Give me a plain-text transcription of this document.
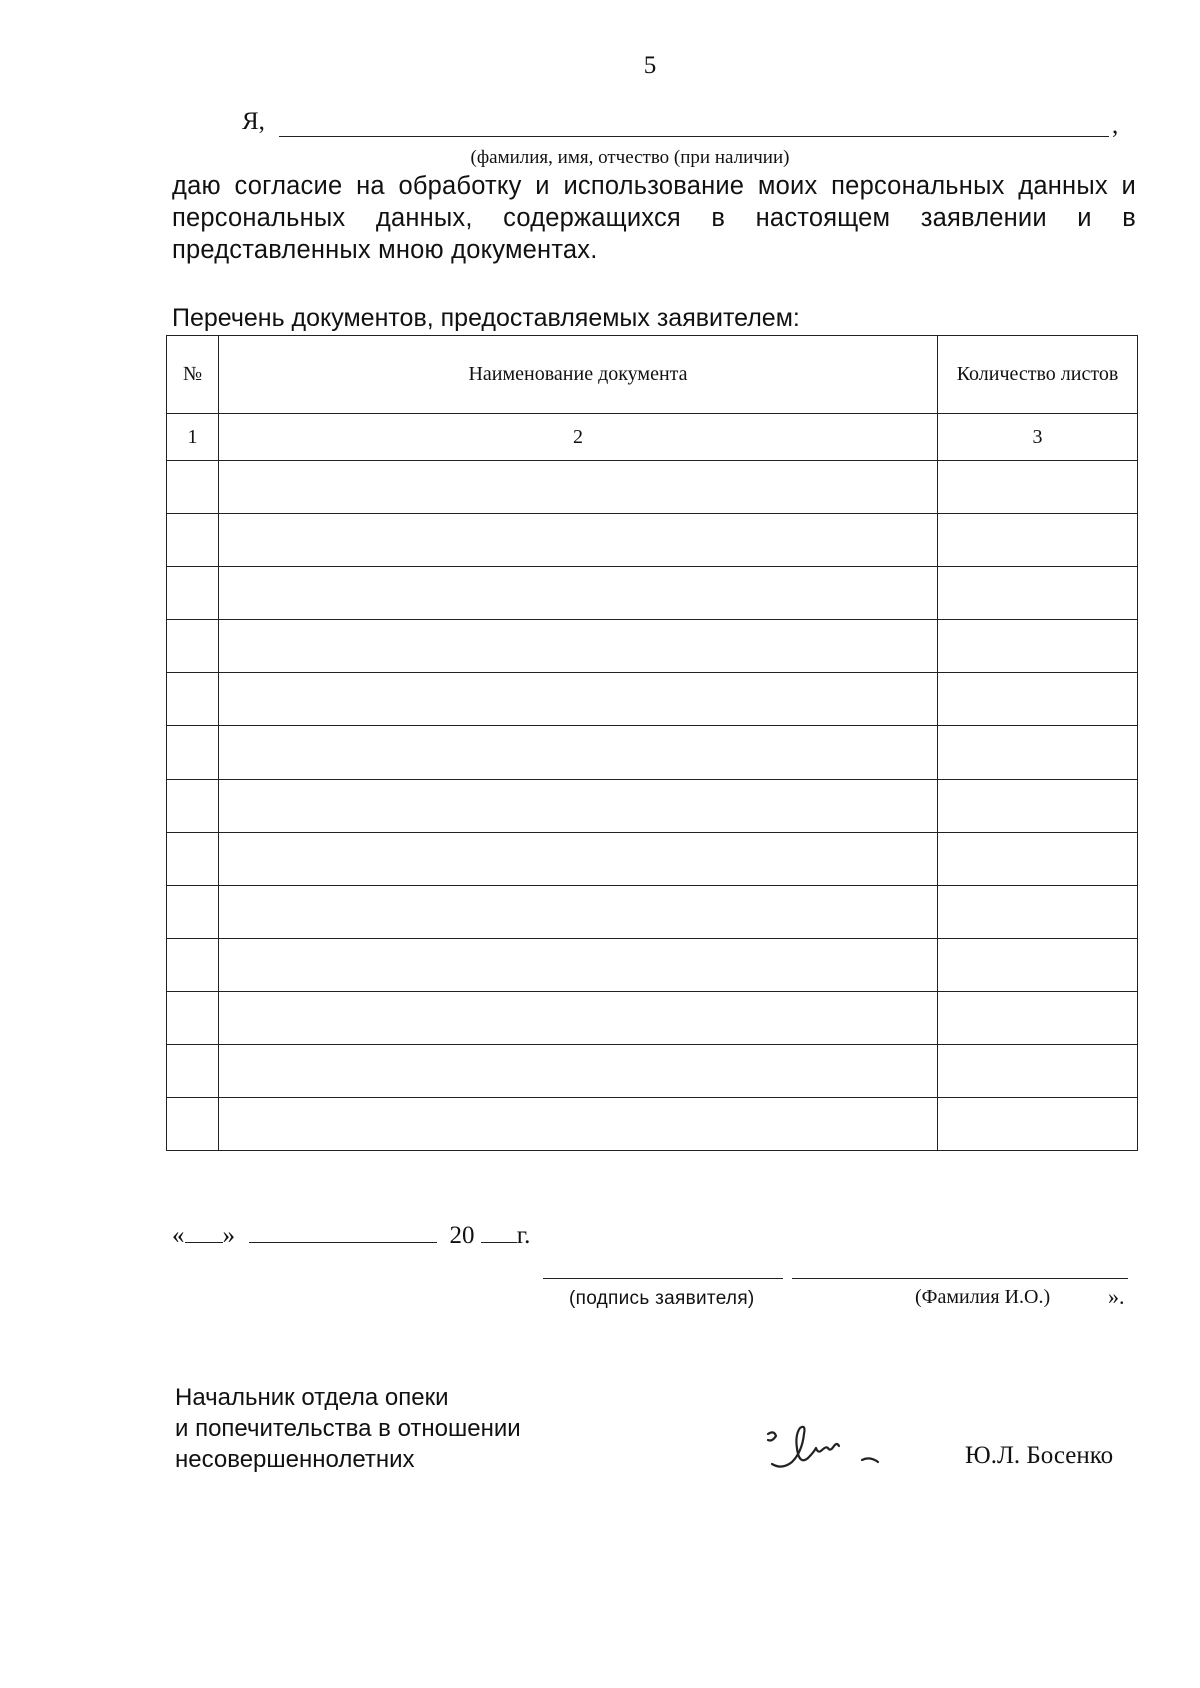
5
Я,	,
(фамилия, имя, отчество (при наличии)
даю согласие на обработку и использование моих персональных данных и персональных данных, содержащихся в настоящем заявлении и в представленных мною документах.
Перечень документов, предоставляемых заявителем:
№	Наименование документа	Количество листов
1	2	3

« »	20 г.
(подпись заявителя)	(Фамилия И.О.)	».
Начальник отдела опеки
и попечительства в отношении
несовершеннолетних	Ю.Л. Босенко
